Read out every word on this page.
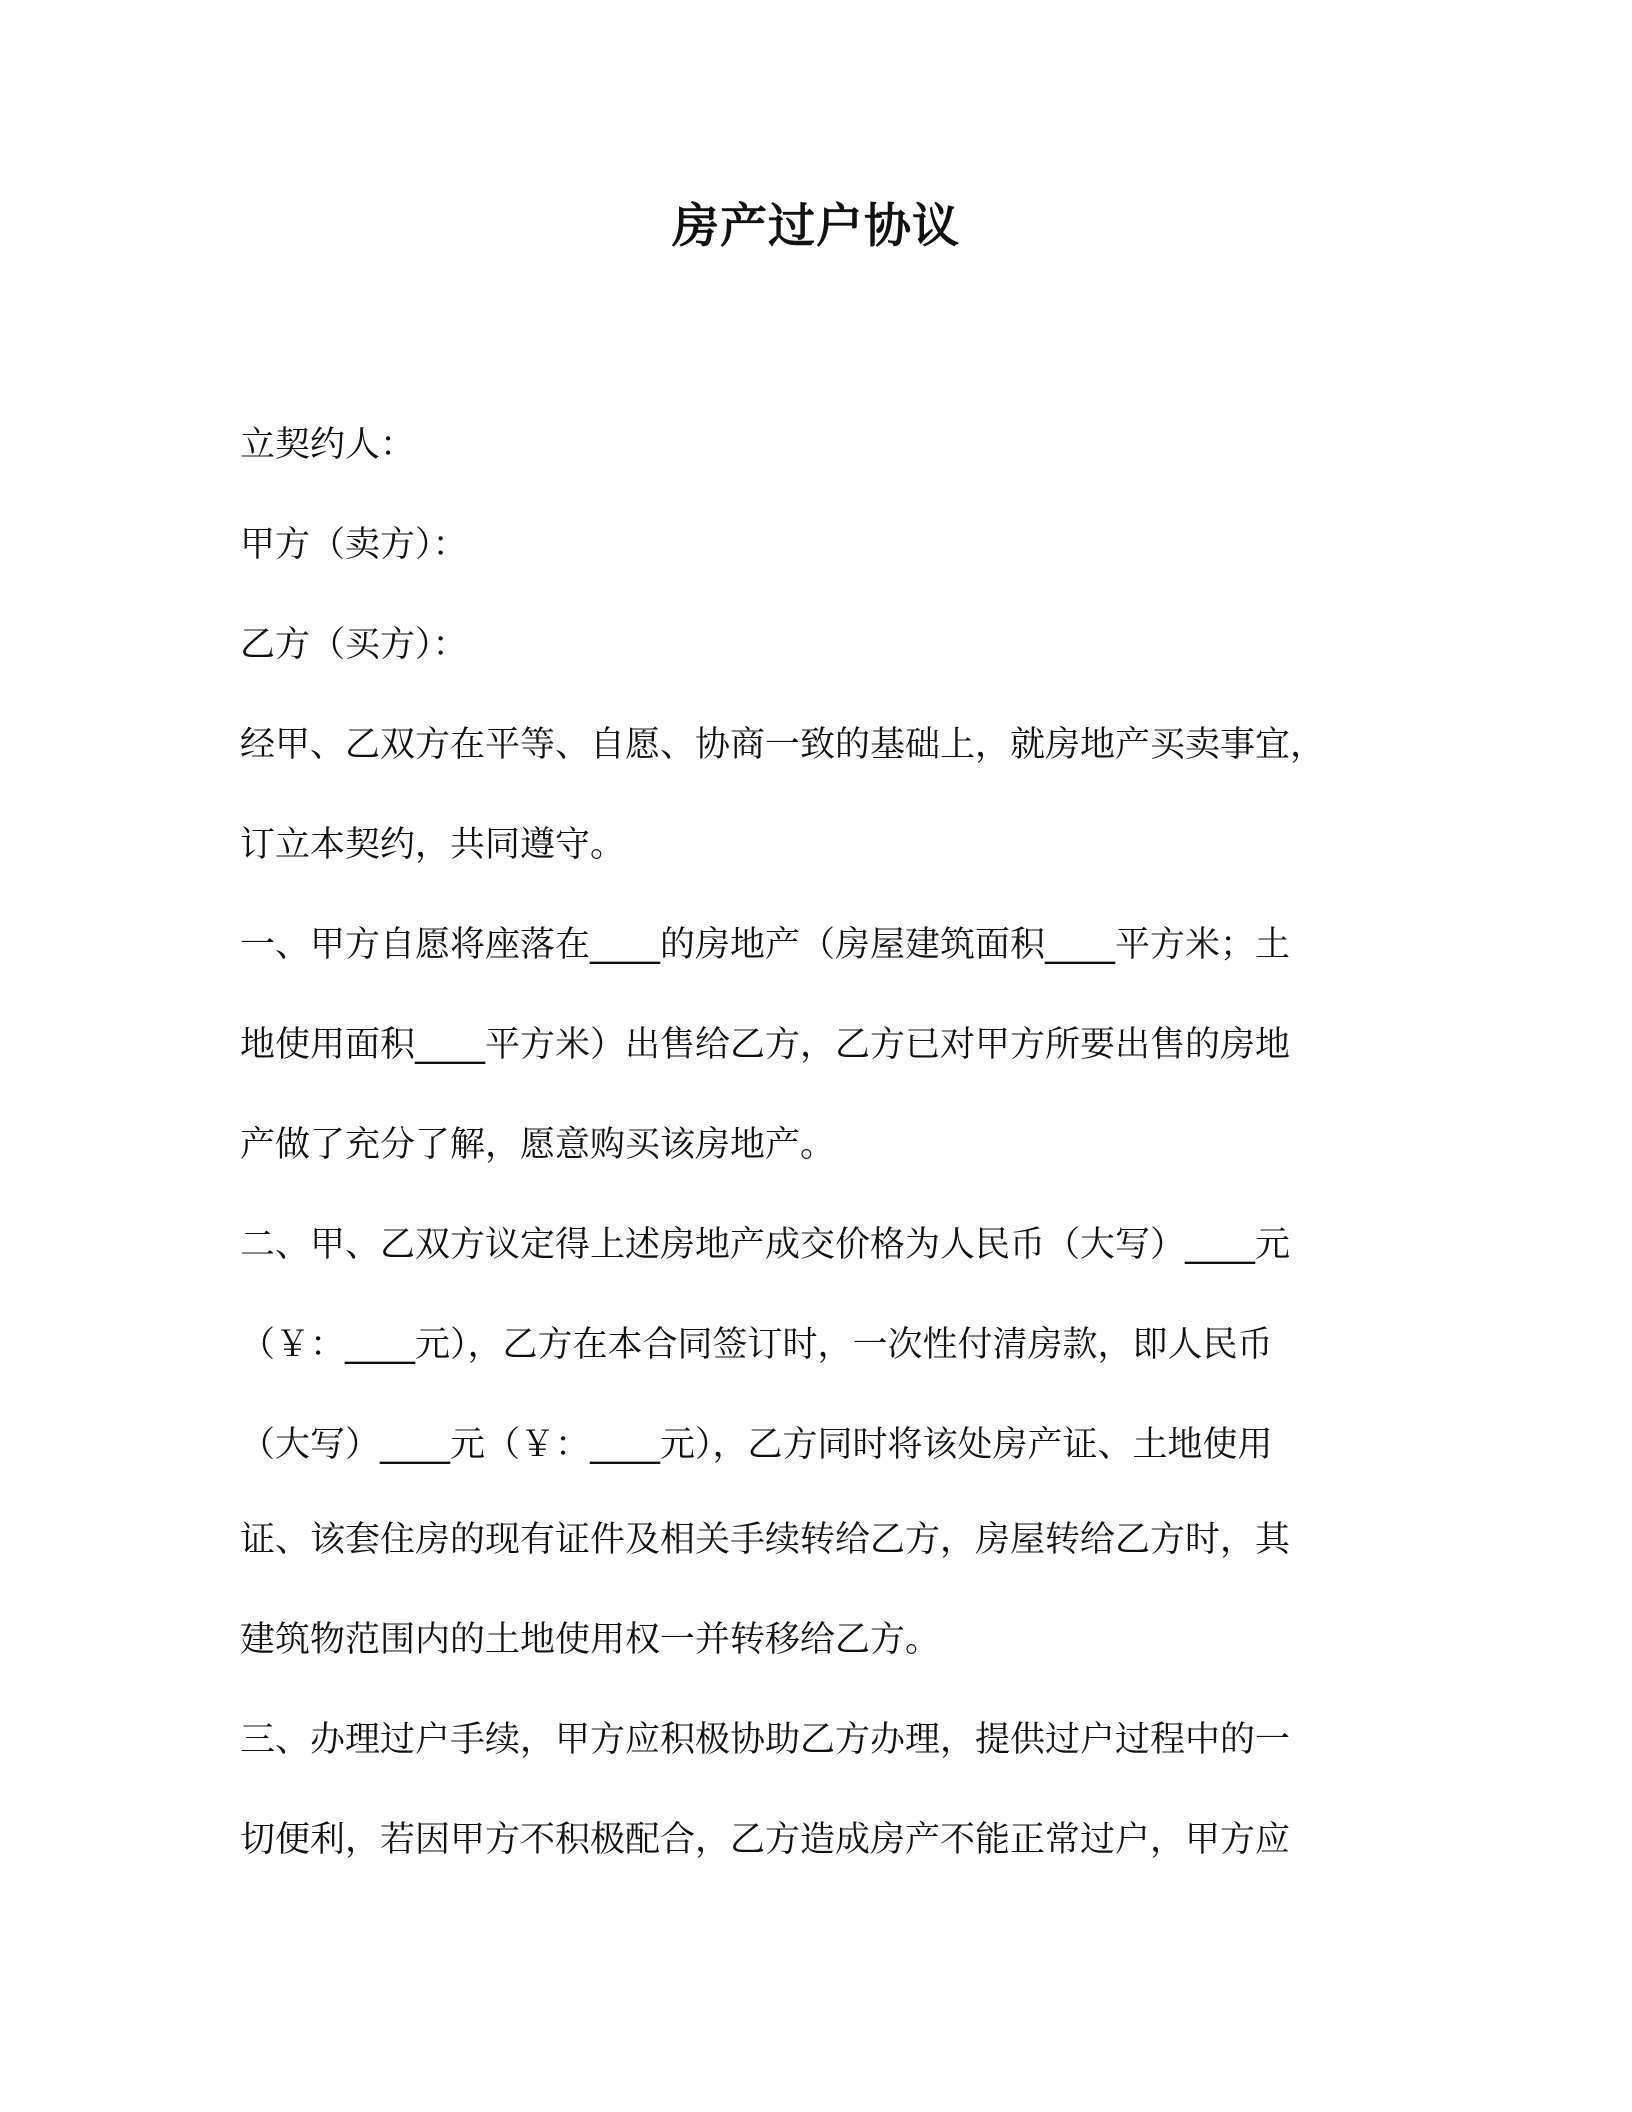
房产过户协议
立契约人：
甲方（卖方）：
乙方（买方）：
经甲、乙双方在平等、自愿、协商一致的基础上，就房地产买卖事宜，
订立本契约，共同遵守。
一、甲方自愿将座落在____的房地产（房屋建筑面积____平方米；土
地使用面积____平方米）出售给乙方，乙方已对甲方所要出售的房地
产做了充分了解，愿意购买该房地产。
二、甲、乙双方议定得上述房地产成交价格为人民币（大写）____元
（￥：____元），乙方在本合同签订时，一次性付清房款，即人民币
（大写）____元（￥：____元），乙方同时将该处房产证、土地使用
证、该套住房的现有证件及相关手续转给乙方，房屋转给乙方时，其
建筑物范围内的土地使用权一并转移给乙方。
三、办理过户手续，甲方应积极协助乙方办理，提供过户过程中的一
切便利，若因甲方不积极配合，乙方造成房产不能正常过户，甲方应
